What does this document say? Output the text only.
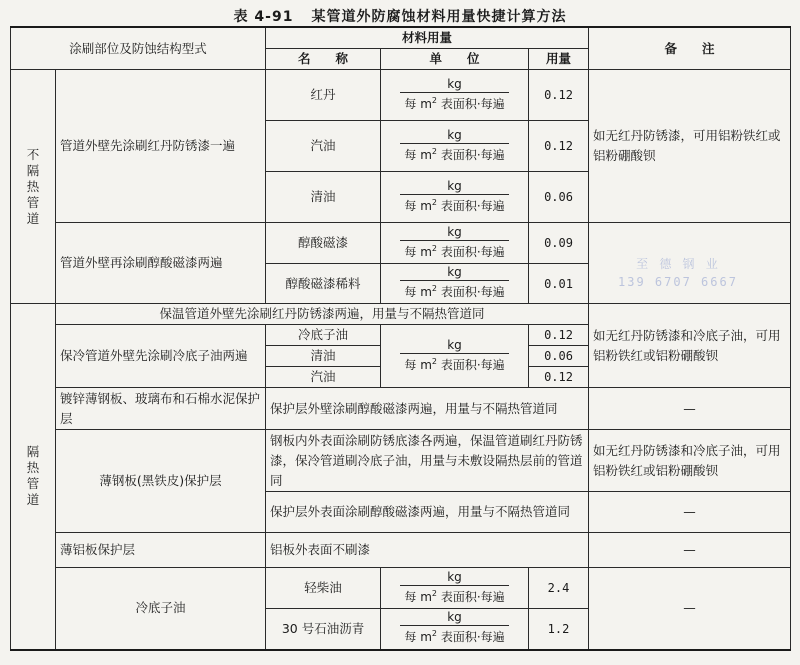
表 4-91 某管道外防腐蚀材料用量快捷计算方法
涂刷部位及防蚀结构型式		材料用量			备　　注
		名　　称	单　　位	用量	

不
隔
热
管
道	管道外壁先涂刷红丹防锈漆一遍	红丹	kg
每 $m^2$ 表面积·每遍	0.12	如无红丹防锈漆，可用铝粉铁红或铝粉硼酸钡
		汽油	kg
每 $m^2$ 表面积·每遍	0.12	
		清油	kg
每 $m^2$ 表面积·每遍	0.06	
	管道外壁再涂刷醇酸磁漆两遍	醇酸磁漆	kg
每 $m^2$ 表面积·每遍	0.09	
		醇酸磁漆稀料	kg
每 $m^2$ 表面积·每遍	0.01	

隔
热
管
道	保温管道外壁先涂刷红丹防锈漆两遍，用量与不隔热管道同				如无红丹防锈漆和冷底子油，可用铝粉铁红或铝粉硼酸钡
	保冷管道外壁先涂刷冷底子油两遍	冷底子油	kg
每 $m^2$ 表面积·每遍	0.12	
		清油		0.06	
		汽油		0.12	
	镀锌薄钢板、玻璃布和石棉水泥保护层	保护层外壁涂刷醇酸磁漆两遍，用量与不隔热管道同			—
	薄钢板(黑铁皮)保护层	钢板内外表面涂刷防锈底漆各两遍，保温管道刷红丹防锈漆，保冷管道刷冷底子油，用量与未敷设隔热层前的管道同			如无红丹防锈漆和冷底子油，可用铝粉铁红或铝粉硼酸钡
		保护层外表面涂刷醇酸磁漆两遍，用量与不隔热管道同			—
	薄铝板保护层	铝板外表面不刷漆			—
	冷底子油	轻柴油	kg
每 $m^2$ 表面积·每遍	2.4	—
		30 号石油沥青	kg
每 $m^2$ 表面积·每遍	1.2	
至 德 钢 业
139 6707 6667
